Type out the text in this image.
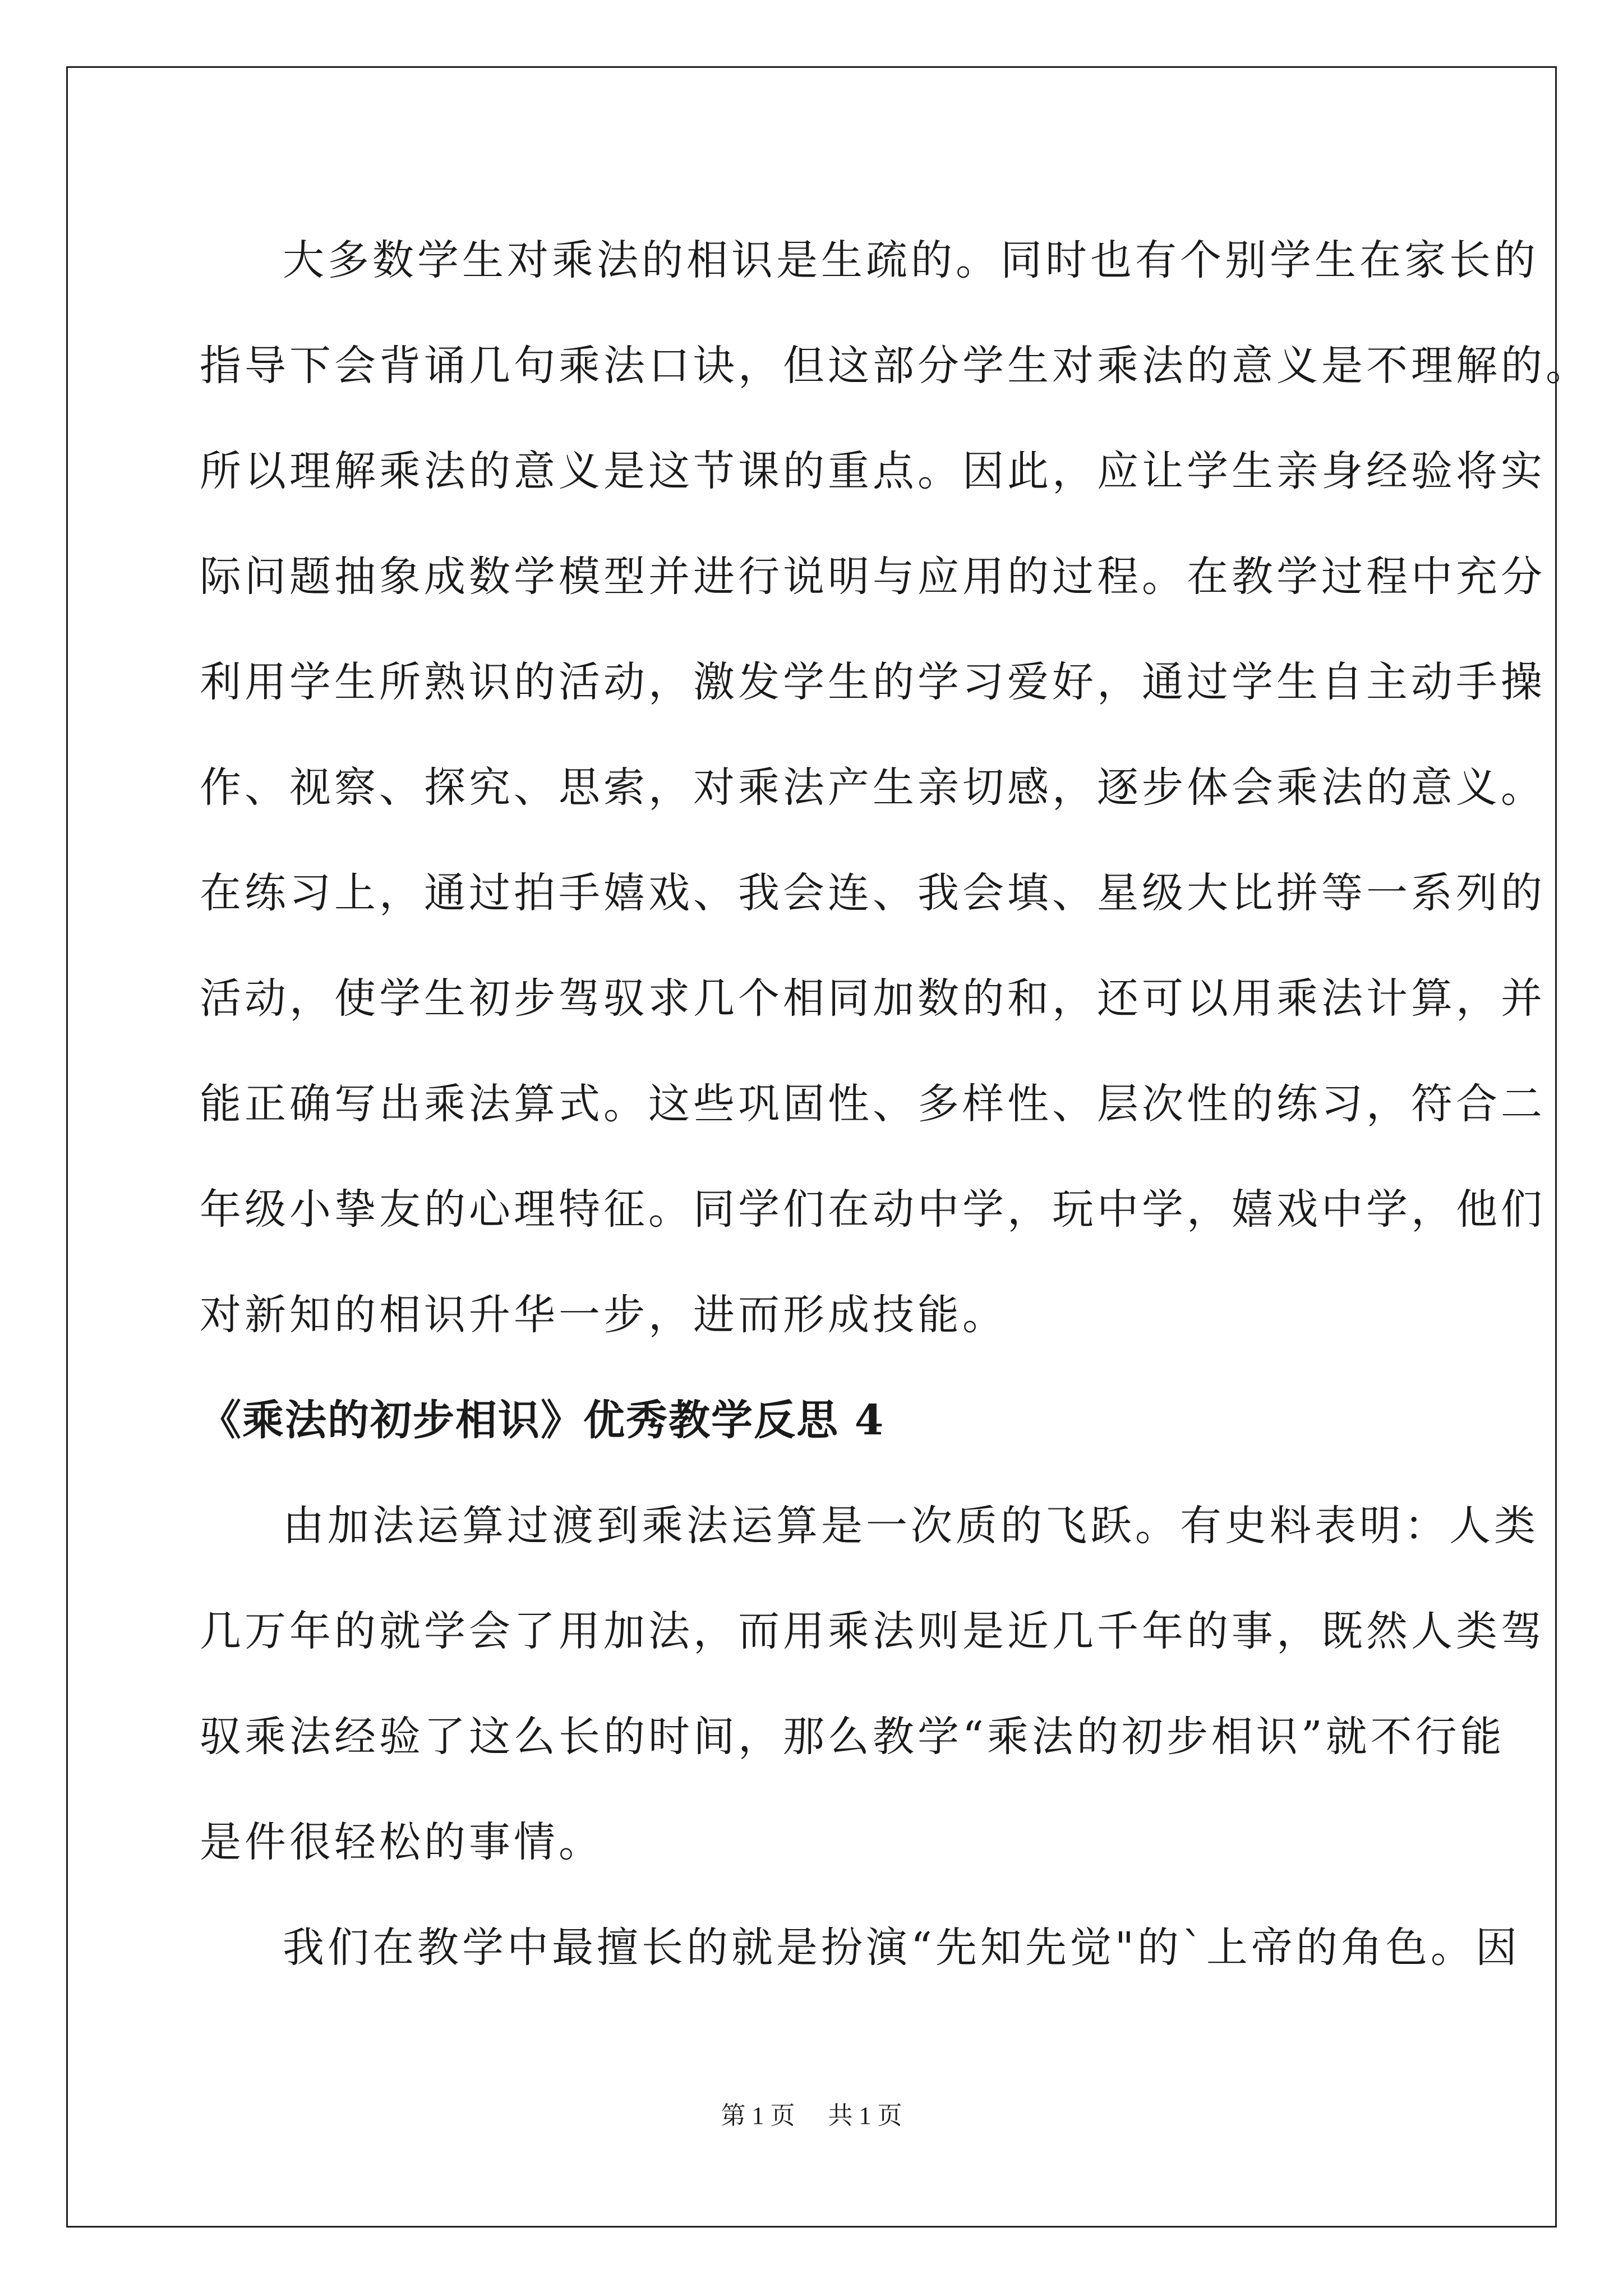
大多数学生对乘法的相识是生疏的。同时也有个别学生在家长的
指导下会背诵几句乘法口诀，但这部分学生对乘法的意义是不理解的。
所以理解乘法的意义是这节课的重点。因此，应让学生亲身经验将实
际问题抽象成数学模型并进行说明与应用的过程。在教学过程中充分
利用学生所熟识的活动，激发学生的学习爱好，通过学生自主动手操
作、视察、探究、思索，对乘法产生亲切感，逐步体会乘法的意义。
在练习上，通过拍手嬉戏、我会连、我会填、星级大比拼等一系列的
活动，使学生初步驾驭求几个相同加数的和，还可以用乘法计算，并
能正确写出乘法算式。这些巩固性、多样性、层次性的练习，符合二
年级小挚友的心理特征。同学们在动中学，玩中学，嬉戏中学，他们
对新知的相识升华一步，进而形成技能。
《乘法的初步相识》优秀教学反思 4
由加法运算过渡到乘法运算是一次质的飞跃。有史料表明：人类
几万年的就学会了用加法，而用乘法则是近几千年的事，既然人类驾
驭乘法经验了这么长的时间，那么教学“乘法的初步相识”就不行能
是件很轻松的事情。
我们在教学中最擅长的就是扮演“先知先觉"的`上帝的角色。因
第 1 页 共 1 页
